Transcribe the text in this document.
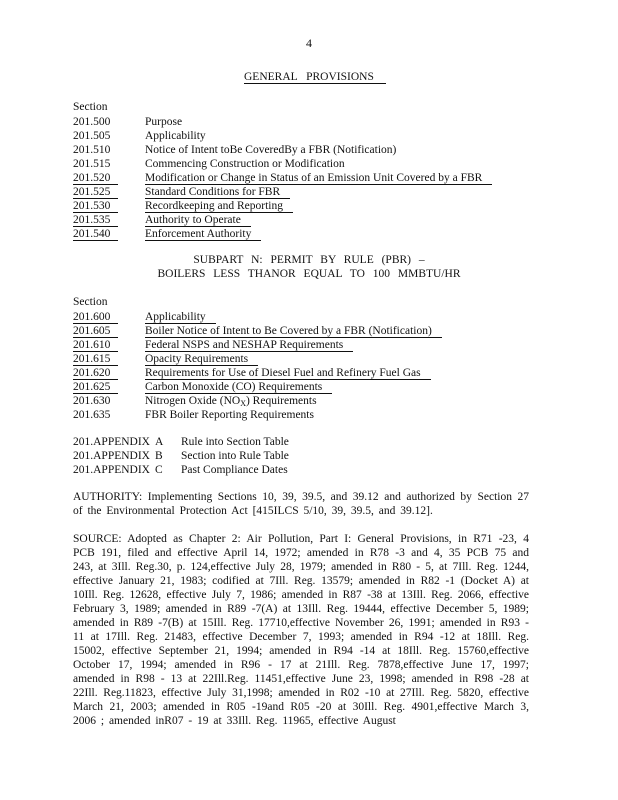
4
GENERAL PROVISIONS
Section
201.500	Purpose
201.505	Applicability
201.510	Notice of Intent toBe CoveredBy a FBR (Notification)
201.515	Commencing Construction or Modification
201.520	Modification or Change in Status of an Emission Unit Covered by a FBR
201.525	Standard Conditions for FBR
201.530	Recordkeeping and Reporting
201.535	Authority to Operate
201.540	Enforcement Authority
SUBPART N: PERMIT BY RULE (PBR) –
BOILERS LESS THANOR EQUAL TO 100 MMBTU/HR
Section
201.600	Applicability
201.605	Boiler Notice of Intent to Be Covered by a FBR (Notification)
201.610	Federal NSPS and NESHAP Requirements
201.615	Opacity Requirements
201.620	Requirements for Use of Diesel Fuel and Refinery Fuel Gas
201.625	Carbon Monoxide (CO) Requirements
201.630	Nitrogen Oxide $(NO_X)$ Requirements
201.635	FBR Boiler Reporting Requirements
201.APPENDIX A Rule into Section Table
201.APPENDIX B Section into Rule Table
201.APPENDIX C Past Compliance Dates
AUTHORITY: Implementing Sections 10, 39, 39.5, and 39.12 and authorized by Section 27 of the Environmental Protection Act [415ILCS 5/10, 39, 39.5, and 39.12].
SOURCE: Adopted as Chapter 2: Air Pollution, Part I: General Provisions, in R71 -23, 4 PCB 191, filed and effective April 14, 1972; amended in R78 -3 and 4, 35 PCB 75 and 243, at 3Ill. Reg.30, p. 124,effective July 28, 1979; amended in R80 - 5, at 7Ill. Reg. 1244, effective January 21, 1983; codified at 7Ill. Reg. 13579; amended in R82 -1 (Docket A) at 10Ill. Reg. 12628, effective July 7, 1986; amended in R87 -38 at 13Ill. Reg. 2066, effective February 3, 1989; amended in R89 -7(A) at 13Ill. Reg. 19444, effective December 5, 1989; amended in R89 -7(B) at 15Ill. Reg. 17710,effective November 26, 1991; amended in R93 - 11 at 17Ill. Reg. 21483, effective December 7, 1993; amended in R94 -12 at 18Ill. Reg. 15002, effective September 21, 1994; amended in R94 -14 at 18Ill. Reg. 15760,effective October 17, 1994; amended in R96 - 17 at 21Ill. Reg. 7878,effective June 17, 1997; amended in R98 - 13 at 22Ill.Reg. 11451,effective June 23, 1998; amended in R98 -28 at 22Ill. Reg.11823, effective July 31,1998; amended in R02 -10 at 27Ill. Reg. 5820, effective March 21, 2003; amended in R05 -19and R05 -20 at 30Ill. Reg. 4901,effective March 3, 2006 ; amended inR07 - 19 at 33Ill. Reg. 11965, effective August
